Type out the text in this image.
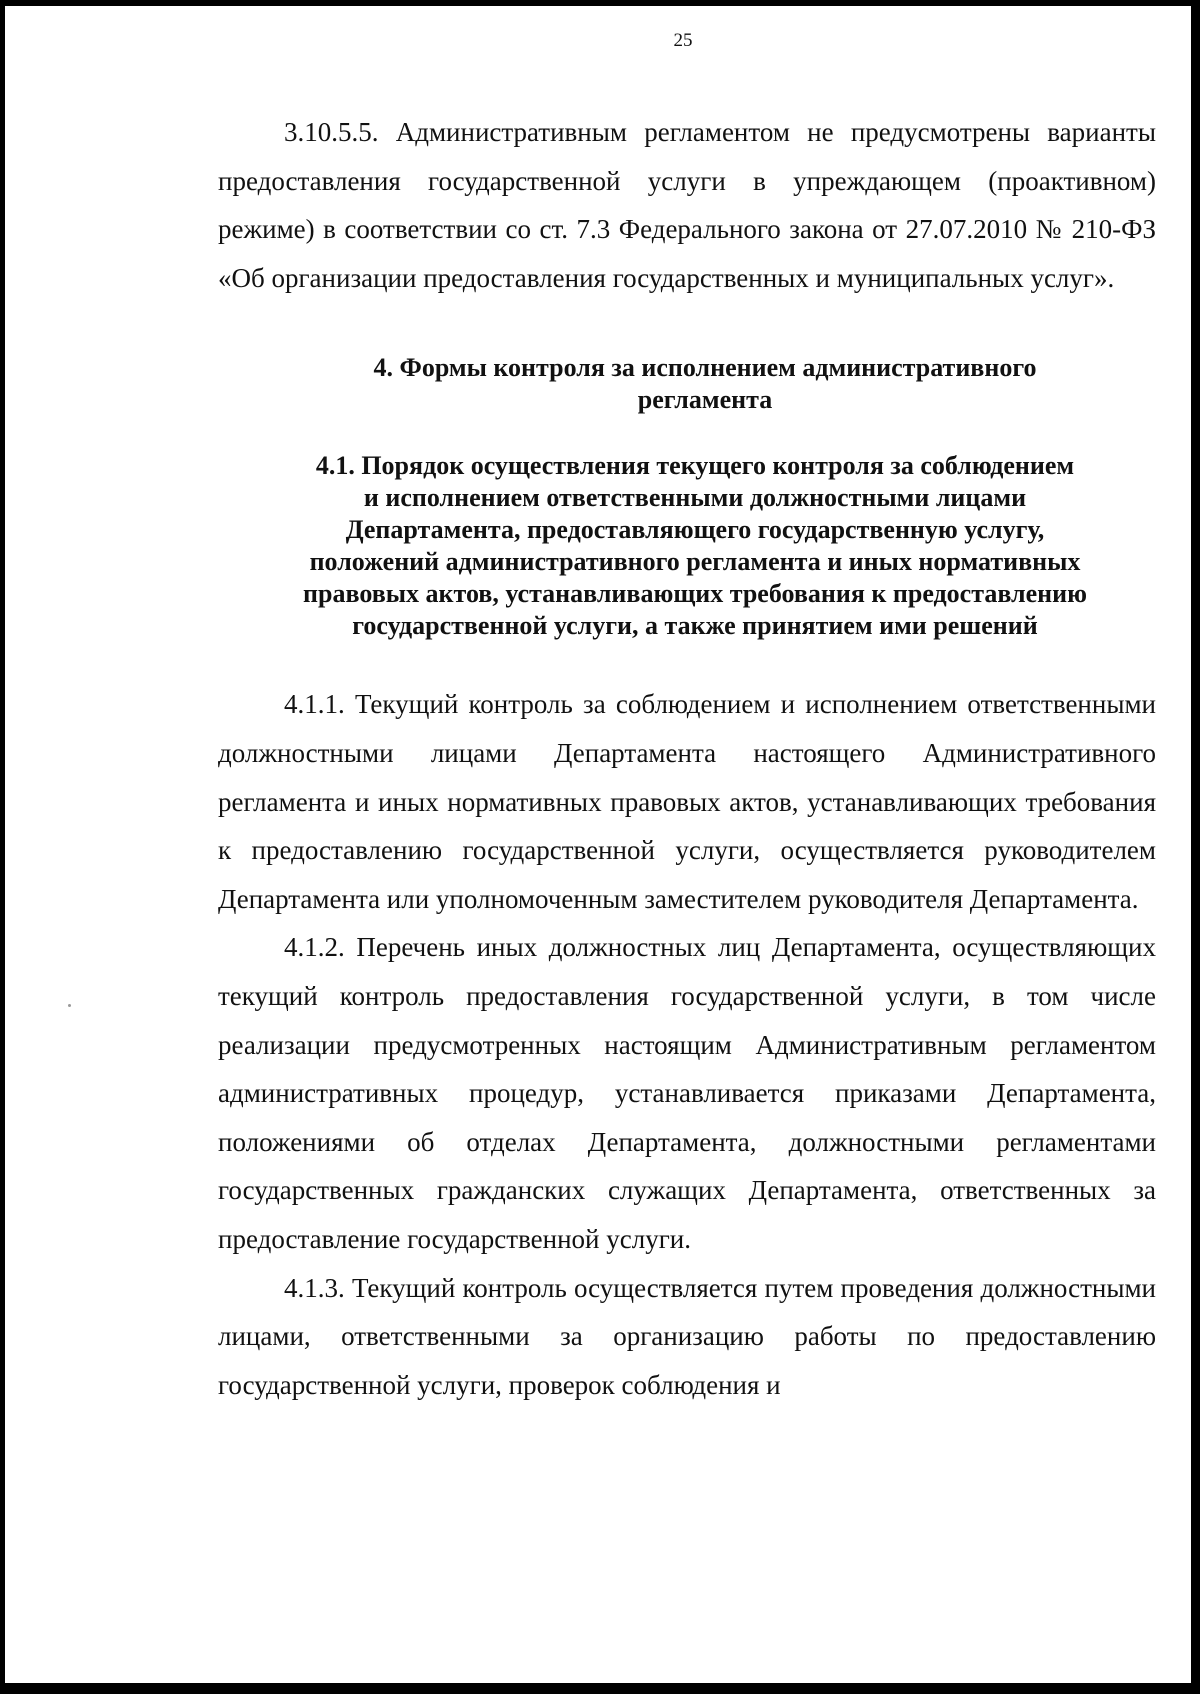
25

3.10.5.5. Административным регламентом не предусмотрены варианты предоставления государственной услуги в упреждающем (проактивном) режиме) в соответствии со ст. 7.3 Федерального закона от 27.07.2010 № 210-ФЗ «Об организации предоставления государственных и муниципальных услуг».

4. Формы контроля за исполнением административного
регламента
4.1. Порядок осуществления текущего контроля за соблюдением
и исполнением ответственными должностными лицами
Департамента, предоставляющего государственную услугу,
положений административного регламента и иных нормативных
правовых актов, устанавливающих требования к предоставлению
государственной услуги, а также принятием ими решений

4.1.1. Текущий контроль за соблюдением и исполнением ответственными должностными лицами Департамента настоящего Административного регламента и иных нормативных правовых актов, устанавливающих требования к предоставлению государственной услуги, осуществляется руководителем Департамента или уполномоченным заместителем руководителя Департамента.

4.1.2. Перечень иных должностных лиц Департамента, осуществляющих текущий контроль предоставления государственной услуги, в том числе реализации предусмотренных настоящим Административным регламентом административных процедур, устанавливается приказами Департамента, положениями об отделах Департамента, должностными регламентами государственных гражданских служащих Департамента, ответственных за предоставление государственной услуги.

4.1.3. Текущий контроль осуществляется путем проведения должностными лицами, ответственными за организацию работы по предоставлению государственной услуги, проверок соблюдения и
